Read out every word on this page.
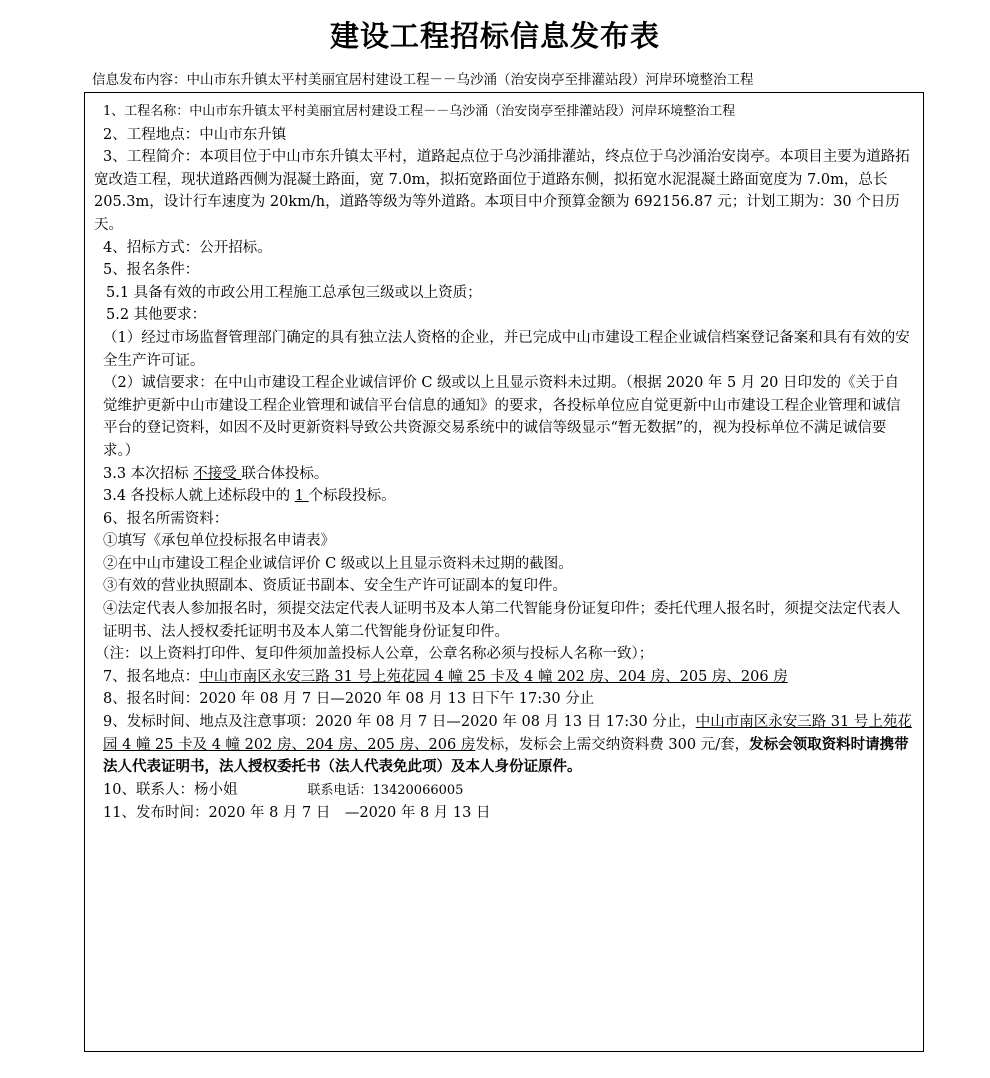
建设工程招标信息发布表
信息发布内容：中山市东升镇太平村美丽宜居村建设工程－－乌沙涌（治安岗亭至排灌站段）河岸环境整治工程
1、工程名称：中山市东升镇太平村美丽宜居村建设工程－－乌沙涌（治安岗亭至排灌站段）河岸环境整治工程
2、工程地点：中山市东升镇
3、工程简介：本项目位于中山市东升镇太平村，道路起点位于乌沙涌排灌站，终点位于乌沙涌治安岗亭。本项目主要为道路拓宽改造工程，现状道路西侧为混凝土路面，宽 7.0m，拟拓宽路面位于道路东侧，拟拓宽水泥混凝土路面宽度为 7.0m，总长 205.3m，设计行车速度为 20km/h，道路等级为等外道路。本项目中介预算金额为 692156.87 元；计划工期为：30 个日历天。
4、招标方式：公开招标。
5、报名条件：
5.1 具备有效的市政公用工程施工总承包三级或以上资质；
5.2 其他要求：
（1）经过市场监督管理部门确定的具有独立法人资格的企业，并已完成中山市建设工程企业诚信档案登记备案和具有有效的安全生产许可证。
（2）诚信要求：在中山市建设工程企业诚信评价 C 级或以上且显示资料未过期。（根据 2020 年 5 月 20 日印发的《关于自觉维护更新中山市建设工程企业管理和诚信平台信息的通知》的要求，各投标单位应自觉更新中山市建设工程企业管理和诚信平台的登记资料，如因不及时更新资料导致公共资源交易系统中的诚信等级显示“暂无数据”的，视为投标单位不满足诚信要求。）
3.3 本次招标 不接受 联合体投标。
3.4 各投标人就上述标段中的 1 个标段投标。
6、报名所需资料：
①填写《承包单位投标报名申请表》
②在中山市建设工程企业诚信评价 C 级或以上且显示资料未过期的截图。
③有效的营业执照副本、资质证书副本、安全生产许可证副本的复印件。
④法定代表人参加报名时，须提交法定代表人证明书及本人第二代智能身份证复印件；委托代理人报名时，须提交法定代表人证明书、法人授权委托证明书及本人第二代智能身份证复印件。
（注：以上资料打印件、复印件须加盖投标人公章，公章名称必须与投标人名称一致）；
7、报名地点：中山市南区永安三路 31 号上苑花园 4 幢 25 卡及 4 幢 202 房、204 房、205 房、206 房
8、报名时间：2020 年 08 月 7 日—2020 年 08 月 13 日下午 17:30 分止
9、发标时间、地点及注意事项：2020 年 08 月 7 日—2020 年 08 月 13 日 17:30 分止，中山市南区永安三路 31 号上苑花园 4 幢 25 卡及 4 幢 202 房、204 房、205 房、206 房发标，发标会上需交纳资料费 300 元/套，发标会领取资料时请携带法人代表证明书，法人授权委托书（法人代表免此项）及本人身份证原件。
10、联系人：杨小姐	联系电话：13420066005
11、发布时间：2020 年 8 月 7 日　—2020 年 8 月 13 日
